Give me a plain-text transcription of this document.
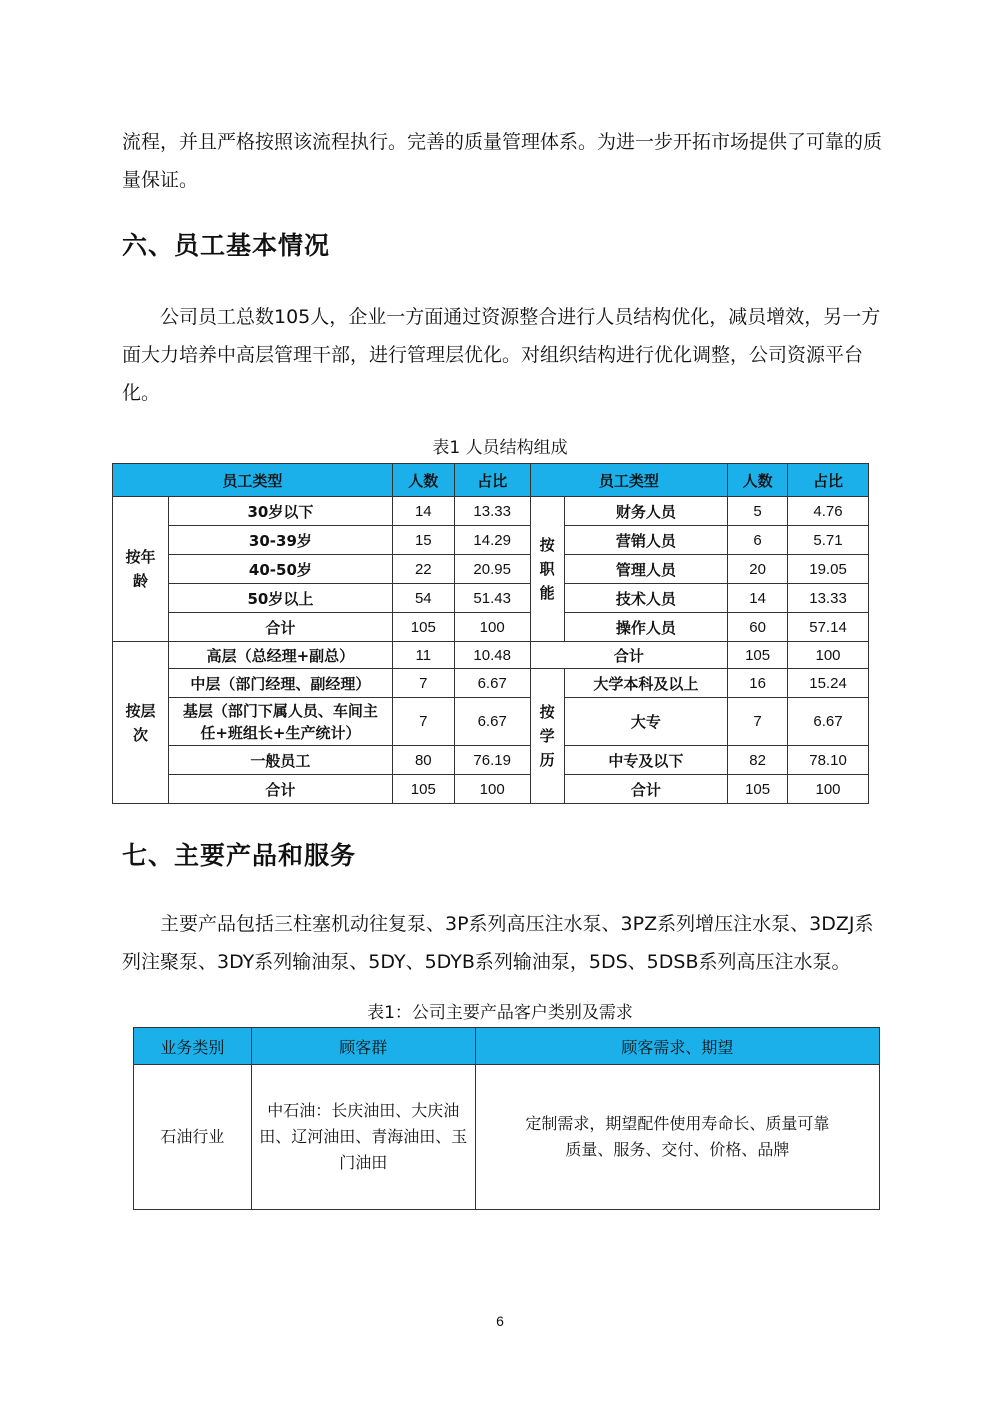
流程，并且严格按照该流程执行。完善的质量管理体系。为进一步开拓市场提供了可靠的质量保证。

六、员工基本情况

公司员工总数105人，企业一方面通过资源整合进行人员结构优化，减员增效，另一方面大力培养中高层管理干部，进行管理层优化。对组织结构进行优化调整，公司资源平台化。

表1 人员结构组成

员工类型		人数	占比	员工类型		人数	占比
按年龄	30岁以下	14	13.33	按职能	财务人员	5	4.76
	30-39岁	15	14.29		营销人员	6	5.71
	40-50岁	22	20.95		管理人员	20	19.05
	50岁以上	54	51.43		技术人员	14	13.33
	合计	105	100		操作人员	60	57.14
按层次	高层（总经理+副总）	11	10.48	合计		105	100
	中层（部门经理、副经理）	7	6.67	按学历	大学本科及以上	16	15.24
	基层（部门下属人员、车间主任+班组长+生产统计）	7	6.67		大专	7	6.67
	一般员工	80	76.19		中专及以下	82	78.10
	合计	105	100		合计	105	100
七、主要产品和服务

主要产品包括三柱塞机动往复泵、3P系列高压注水泵、3PZ系列增压注水泵、3DZJ系列注聚泵、3DY系列输油泵、5DY、5DYB系列输油泵，5DS、5DSB系列高压注水泵。

表1：公司主要产品客户类别及需求

业务类别	顾客群	顾客需求、期望
石油行业	中石油：长庆油田、大庆油田、辽河油田、青海油田、玉门油田	定制需求，期望配件使用寿命长、质量可靠
质量、服务、交付、价格、品牌
6
